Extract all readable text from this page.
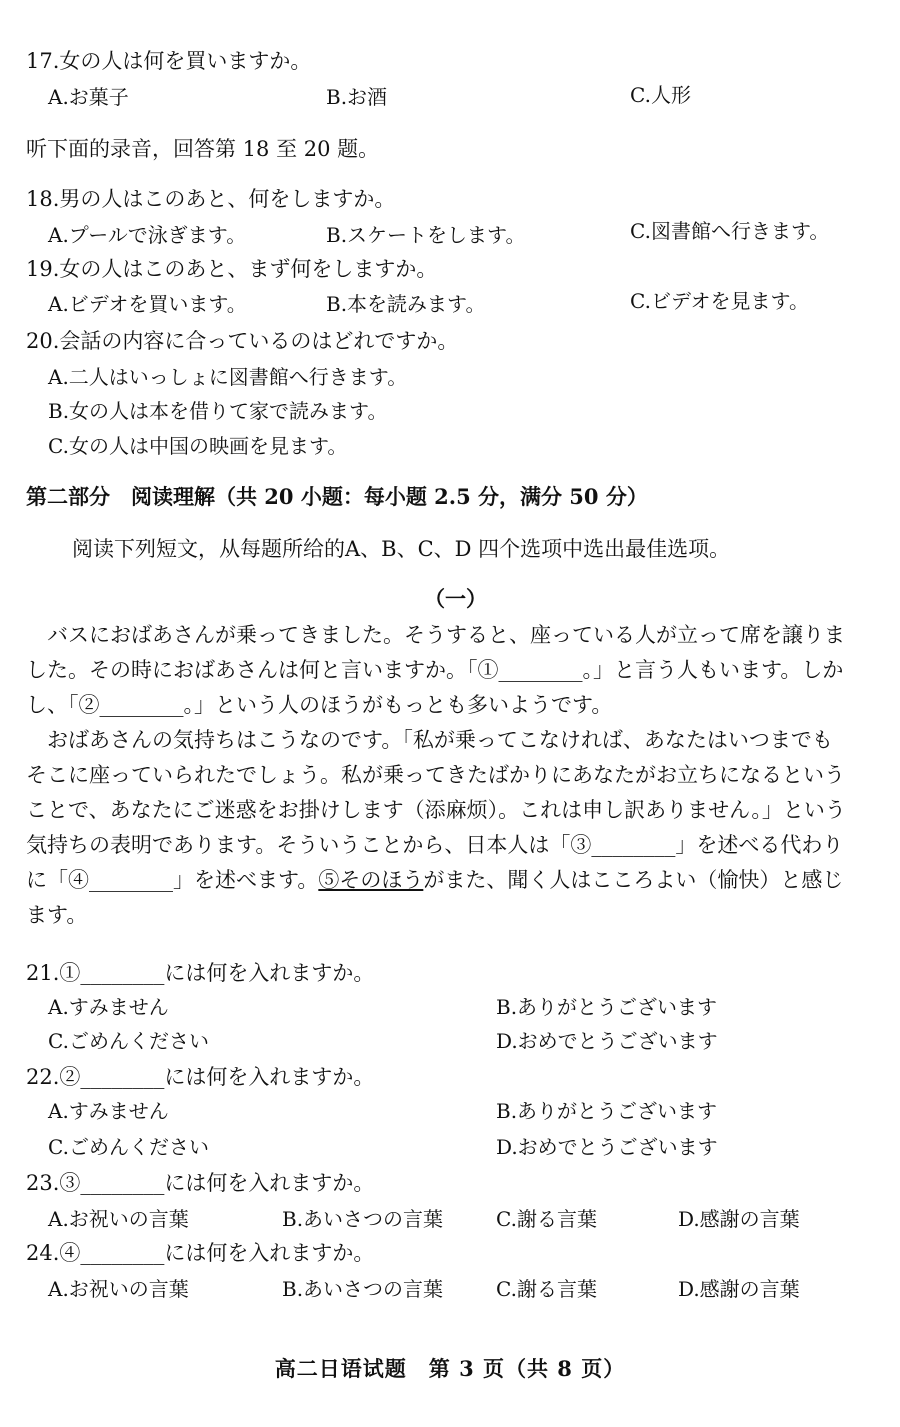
17.女の人は何を買いますか。
A.お菓子	B.お酒	C.人形
听下面的录音，回答第 18 至 20 题。
18.男の人はこのあと、何をしますか。
A.プールで泳ぎます。	B.スケートをします。	C.図書館へ行きます。
19.女の人はこのあと、まず何をしますか。
A.ビデオを買います。	B.本を読みます。	C.ビデオを見ます。
20.会話の内容に合っているのはどれですか。
A.二人はいっしょに図書館へ行きます。
B.女の人は本を借りて家で読みます。
C.女の人は中国の映画を見ます。
第二部分　阅读理解（共 20 小题：每小题 2.5 分，满分 50 分）
阅读下列短文，从每题所给的A、B、C、D 四个选项中选出最佳选项。
（一）
　バスにおばあさんが乗ってきました。そうすると、座っている人が立って席を譲りま
した。その時におばあさんは何と言いますか。「①________。」と言う人もいます。しか
し、「②________。」という人のほうがもっとも多いようです。
　おばあさんの気持ちはこうなのです。「私が乗ってこなければ、あなたはいつまでも
そこに座っていられたでしょう。私が乗ってきたばかりにあなたがお立ちになるという
ことで、あなたにご迷惑をお掛けします（添麻烦）。これは申し訳ありません。」という
気持ちの表明であります。そういうことから、日本人は「③________」を述べる代わり
に「④________」を述べます。⑤そのほうがまた、聞く人はこころよい（愉快）と感じ
ます。
21.①________には何を入れますか。
A.すみません	B.ありがとうございます
C.ごめんください	D.おめでとうございます
22.②________には何を入れますか。
A.すみません	B.ありがとうございます
C.ごめんください	D.おめでとうございます
23.③________には何を入れますか。
A.お祝いの言葉	B.あいさつの言葉	C.謝る言葉	D.感謝の言葉
24.④________には何を入れますか。
A.お祝いの言葉	B.あいさつの言葉	C.謝る言葉	D.感謝の言葉
高二日语试题　第 3 页（共 8 页）
